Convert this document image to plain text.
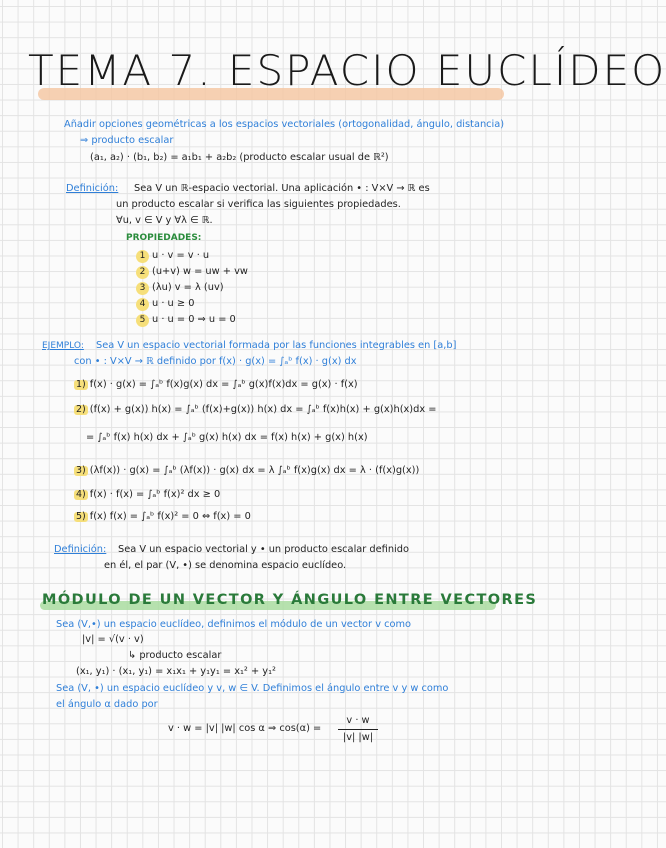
TEMA 7. ESPACIO EUCLÍDEO
Añadir opciones geométricas a los espacios vectoriales (ortogonalidad, ángulo, distancia)
⇒ producto escalar
(a₁, a₂) · (b₁, b₂) = a₁b₁ + a₂b₂ (producto escalar usual de ℝ²)
Definición: Sea V un ℝ-espacio vectorial. Una aplicación • : V×V → ℝ es
un producto escalar si verifica las siguientes propiedades.
∀u, v ∈ V y ∀λ ∈ ℝ.
PROPIEDADES:
1 u · v = v · u
2 (u+v) w = uw + vw
3 (λu) v = λ (uv)
4 u · u ≥ 0
5 u · u = 0 ⇒ u = 0
EJEMPLO: Sea V un espacio vectorial formada por las funciones integrables en [a,b]
con • : V×V → ℝ definido por f(x) · g(x) = ∫ₐᵇ f(x) · g(x) dx
1) f(x) · g(x) = ∫ₐᵇ f(x)g(x) dx = ∫ₐᵇ g(x)f(x)dx = g(x) · f(x)
2) (f(x) + g(x)) h(x) = ∫ₐᵇ (f(x)+g(x)) h(x) dx = ∫ₐᵇ f(x)h(x) + g(x)h(x)dx =
= ∫ₐᵇ f(x) h(x) dx + ∫ₐᵇ g(x) h(x) dx = f(x) h(x) + g(x) h(x)
3) (λf(x)) · g(x) = ∫ₐᵇ (λf(x)) · g(x) dx = λ ∫ₐᵇ f(x)g(x) dx = λ · (f(x)g(x))
4) f(x) · f(x) = ∫ₐᵇ f(x)² dx ≥ 0
5) f(x) f(x) = ∫ₐᵇ f(x)² = 0 ⇔ f(x) = 0
Definición: Sea V un espacio vectorial y • un producto escalar definido
en él, el par (V, •) se denomina espacio euclídeo.
MÓDULO DE UN VECTOR Y ÁNGULO ENTRE VECTORES
Sea (V,•) un espacio euclídeo, definimos el módulo de un vector v como
|v| = √(v · v)
↳ producto escalar
(x₁, y₁) · (x₁, y₁) = x₁x₁ + y₁y₁ = x₁² + y₁²
Sea (V, •) un espacio euclídeo y v, w ∈ V. Definimos el ángulo entre v y w como
el ángulo α dado por
v · w = |v| |w| cos α ⇒ cos(α) =
v · w
|v| |w|
